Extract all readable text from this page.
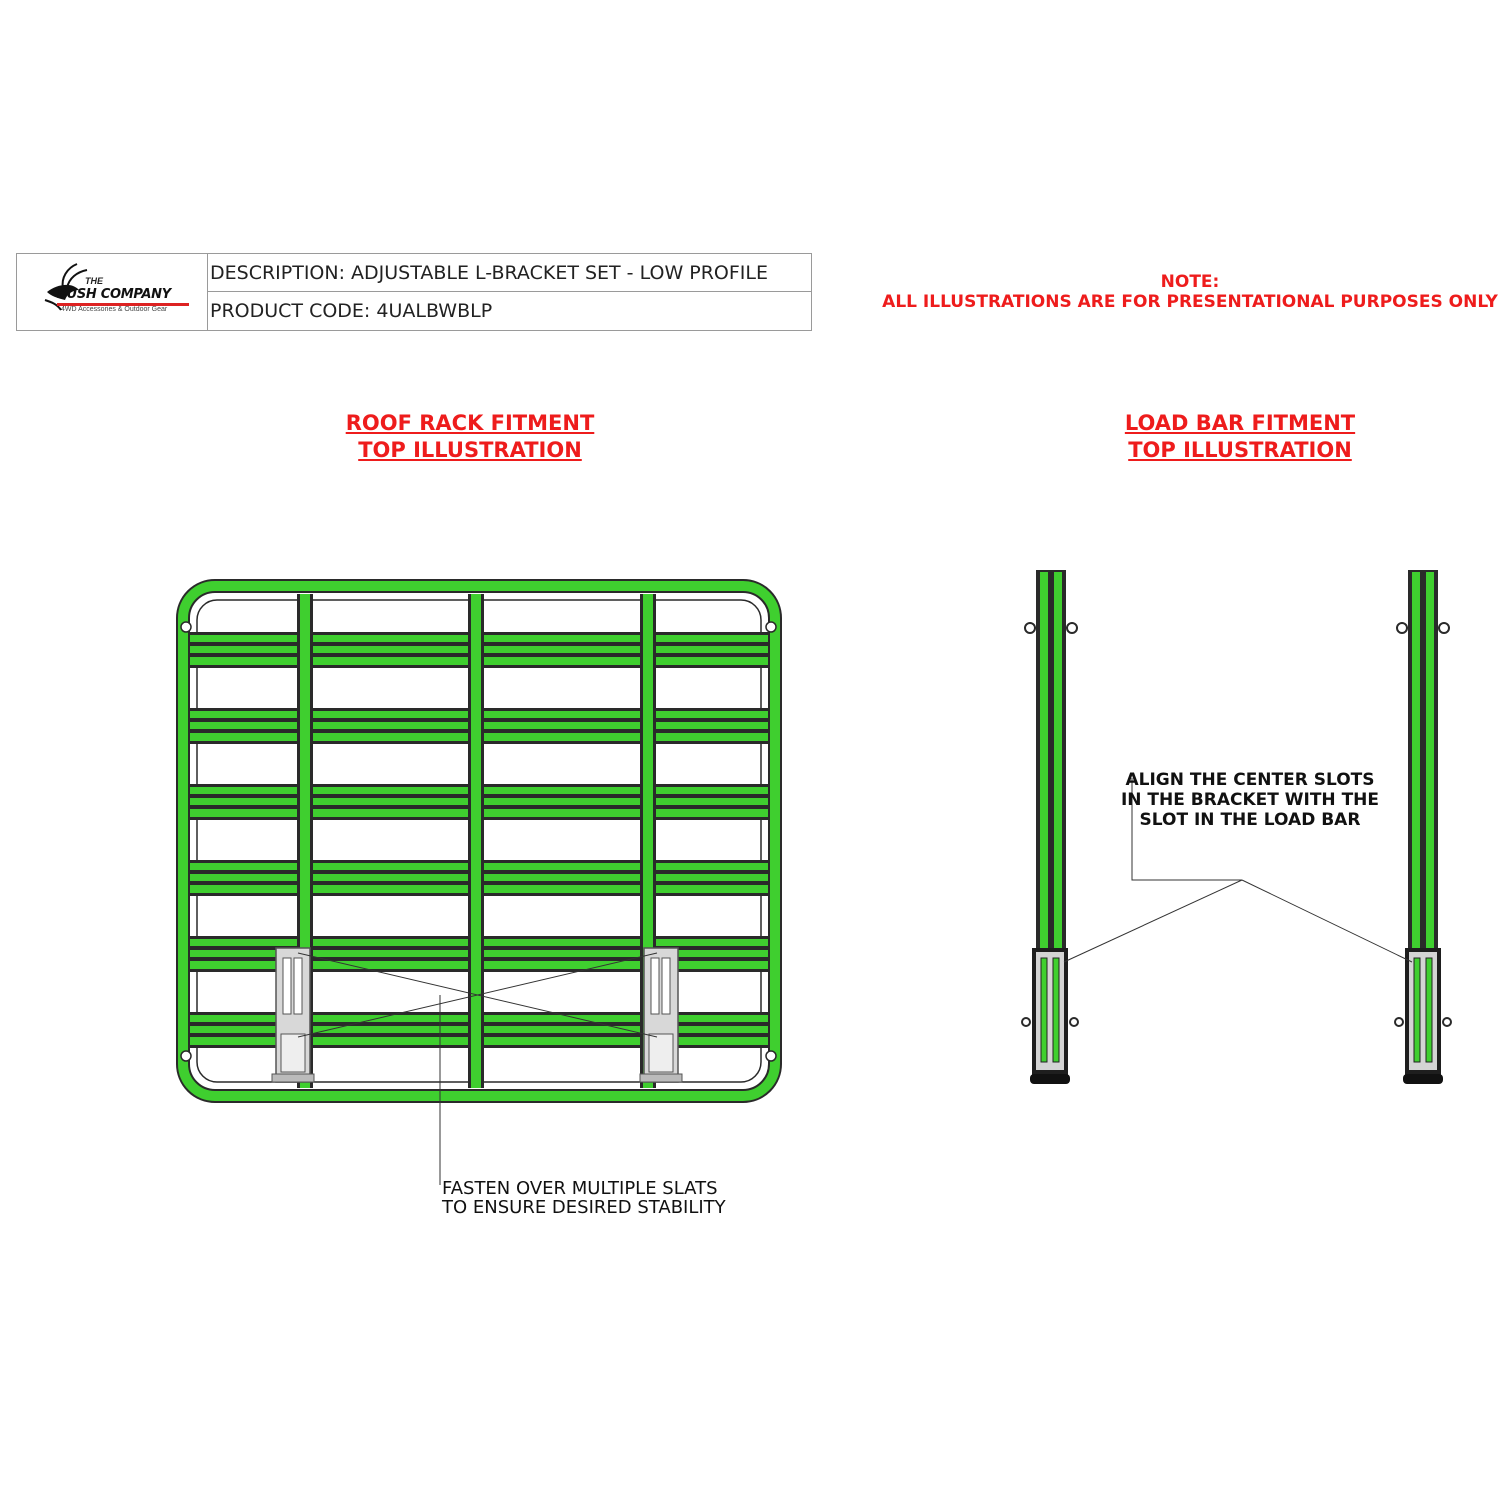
THE
BUSH COMPANY
4WD Accessories & Outdoor Gear
DESCRIPTION: ADJUSTABLE L-BRACKET SET - LOW PROFILE
PRODUCT CODE: 4UALBWBLP
NOTE:
ALL ILLUSTRATIONS ARE FOR PRESENTATIONAL PURPOSES ONLY
ROOF RACK FITMENT
TOP ILLUSTRATION
LOAD BAR FITMENT
TOP ILLUSTRATION
FASTEN OVER MULTIPLE SLATS
TO ENSURE DESIRED STABILITY
ALIGN THE CENTER SLOTS
IN THE BRACKET WITH THE
SLOT IN THE LOAD BAR
